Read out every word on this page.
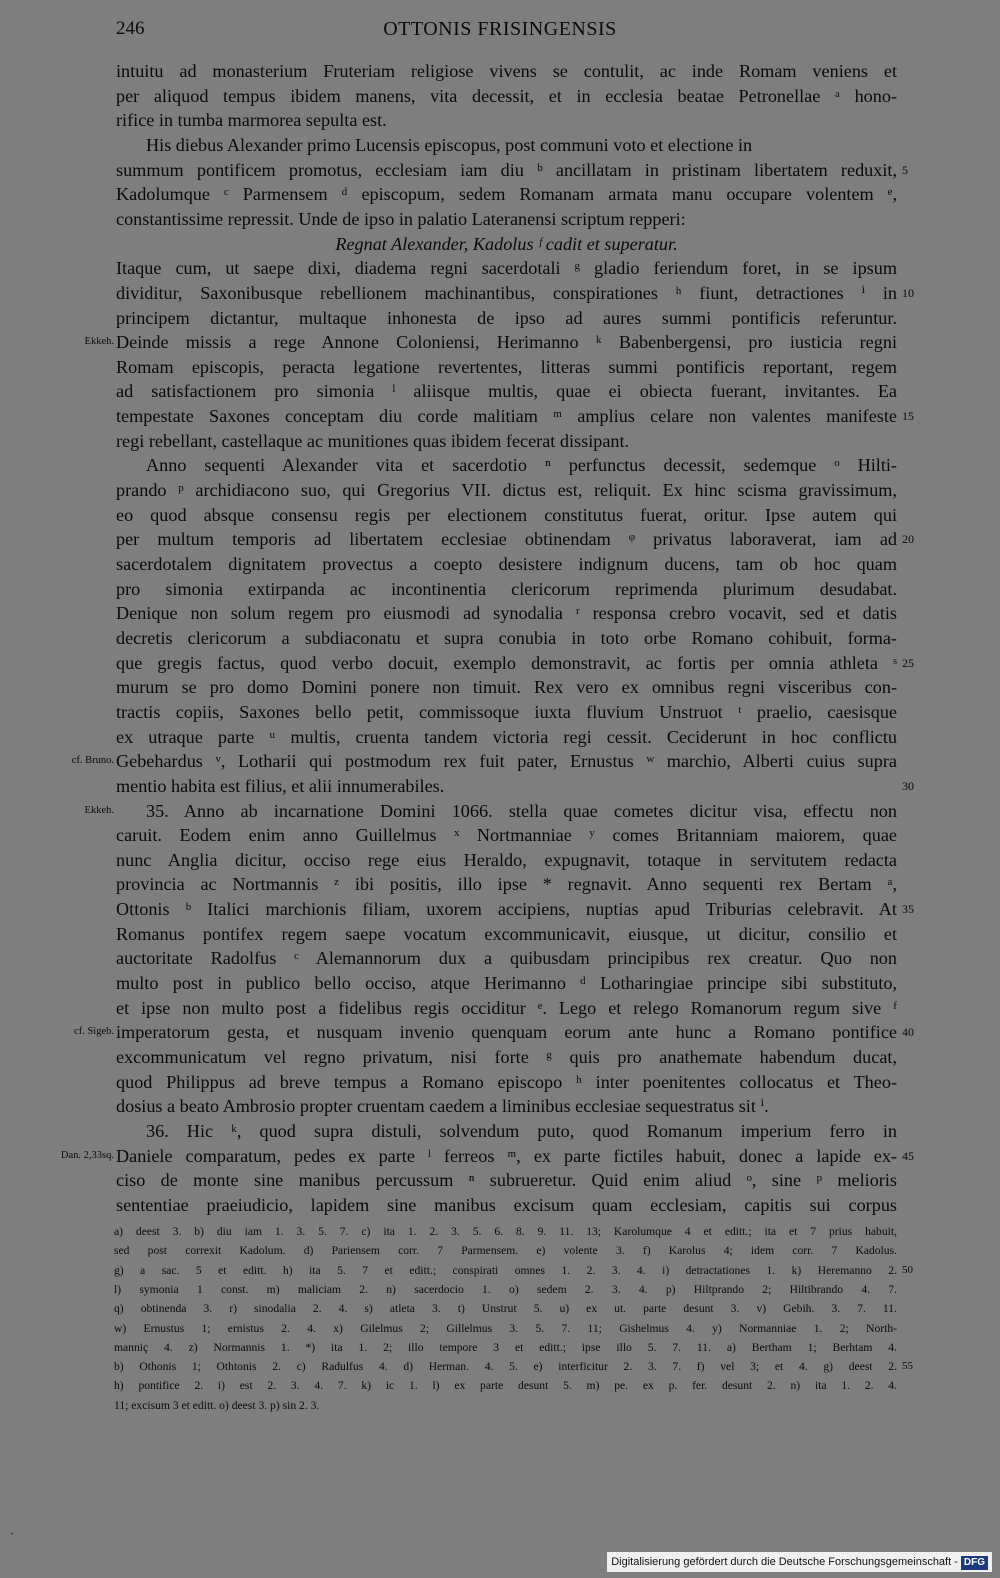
246	OTTONIS FRISINGENSIS
intuitu ad monasterium Fruteriam religiose vivens se contulit, ac inde Romam veniens et
per aliquod tempus ibidem manens, vita decessit, et in ecclesia beatae Petronellae ᵃ hono-
rifice in tumba marmorea sepulta est.
His diebus Alexander primo Lucensis episcopus, post communi voto et electione in
summum pontificem promotus, ecclesiam iam diu ᵇ ancillatam in pristinam libertatem reduxit, 5
Kadolumque ᶜ Parmensem ᵈ episcopum, sedem Romanam armata manu occupare volentem ᵉ,
constantissime repressit. Unde de ipso in palatio Lateranensi scriptum repperi:
Regnat Alexander, Kadolus ᶠ cadit et superatur.
Itaque cum, ut saepe dixi, diadema regni sacerdotali ᵍ gladio feriendum foret, in se ipsum
dividitur, Saxonibusque rebellionem machinantibus, conspirationes ʰ fiunt, detractiones ⁱ in 10
principem dictantur, multaque inhonesta de ipso ad aures summi pontificis referuntur.
Deinde missis a rege Annone Coloniensi, Herimanno ᵏ Babenbergensi, pro iusticia regni
Ekkeh.
Romam episcopis, peracta legatione revertentes, litteras summi pontificis reportant, regem
ad satisfactionem pro simonia ˡ aliisque multis, quae ei obiecta fuerant, invitantes. Ea
tempestate Saxones conceptam diu corde malitiam ᵐ amplius celare non valentes manifeste 15
regi rebellant, castellaque ac munitiones quas ibidem fecerat dissipant.
Anno sequenti Alexander vita et sacerdotio ⁿ perfunctus decessit, sedemque ᵒ Hilti-
prando ᵖ archidiacono suo, qui Gregorius VII. dictus est, reliquit. Ex hinc scisma gravissimum,
eo quod absque consensu regis per electionem constitutus fuerat, oritur. Ipse autem qui
per multum temporis ad libertatem ecclesiae obtinendam ᵠ privatus laboraverat, iam ad 20
sacerdotalem dignitatem provectus a coepto desistere indignum ducens, tam ob hoc quam
pro simonia extirpanda ac incontinentia clericorum reprimenda plurimum desudabat.
Denique non solum regem pro eiusmodi ad synodalia ʳ responsa crebro vocavit, sed et datis
decretis clericorum a subdiaconatu et supra conubia in toto orbe Romano cohibuit, forma-
que gregis factus, quod verbo docuit, exemplo demonstravit, ac fortis per omnia athleta ˢ 25
murum se pro domo Domini ponere non timuit. Rex vero ex omnibus regni visceribus con-
tractis copiis, Saxones bello petit, commissoque iuxta fluvium Unstruot ᵗ praelio, caesisque
ex utraque parte ᵘ multis, cruenta tandem victoria regi cessit. Ceciderunt in hoc conflictu
Gebehardus ᵛ, Lotharii qui postmodum rex fuit pater, Ernustus ʷ marchio, Alberti cuius supra
cf. Bruno.
mentio habita est filius, et alii innumerabiles.	30
35. Anno ab incarnatione Domini 1066. stella quae cometes dicitur visa, effectu non
Ekkeh.
caruit. Eodem enim anno Guillelmus ˣ Nortmanniae ʸ comes Britanniam maiorem, quae
nunc Anglia dicitur, occiso rege eius Heraldo, expugnavit, totaque in servitutem redacta
provincia ac Nortmannis ᶻ ibi positis, illo ipse * regnavit. Anno sequenti rex Bertam ᵃ,
Ottonis ᵇ Italici marchionis filiam, uxorem accipiens, nuptias apud Triburias celebravit. At 35
Romanus pontifex regem saepe vocatum excommunicavit, eiusque, ut dicitur, consilio et
auctoritate Radolfus ᶜ Alemannorum dux a quibusdam principibus rex creatur. Quo non
multo post in publico bello occiso, atque Herimanno ᵈ Lotharingiae principe sibi substituto,
et ipse non multo post a fidelibus regis occiditur ᵉ. Lego et relego Romanorum regum sive ᶠ
imperatorum gesta, et nusquam invenio quenquam eorum ante hunc a Romano pontifice
cf. Sigeb.	40
excommunicatum vel regno privatum, nisi forte ᵍ quis pro anathemate habendum ducat,
quod Philippus ad breve tempus a Romano episcopo ʰ inter poenitentes collocatus et Theo-
dosius a beato Ambrosio propter cruentam caedem a liminibus ecclesiae sequestratus sit ⁱ.
36. Hic ᵏ, quod supra distuli, solvendum puto, quod Romanum imperium ferro in
Daniele comparatum, pedes ex parte ˡ ferreos ᵐ, ex parte fictiles habuit, donec a lapide ex-
Dan. 2,33sq.	45
ciso de monte sine manibus percussum ⁿ subrueretur. Quid enim aliud ᵒ, sine ᵖ melioris
sententiae praeiudicio, lapidem sine manibus excisum quam ecclesiam, capitis sui corpus
a) deest 3. b) diu iam 1. 3. 5. 7. c) ita 1. 2. 3. 5. 6. 8. 9. 11. 13; Karolumque 4 et editt.; ita et 7 prius habuit,
sed post correxit Kadolum. d) Pariensem corr. 7 Parmensem. e) volente 3. f) Karolus 4; idem corr. 7 Kadolus.
g) a sac. 5 et editt. h) ita 5. 7 et editt.; conspirati omnes 1. 2. 3. 4. i) detractationes 1. k) Heremanno 2. 50
l) symonia 1 const. m) maliciam 2. n) sacerdocio 1. o) sedem 2. 3. 4. p) Hiltprando 2; Hiltibrando 4. 7.
q) obtinenda 3. r) sinodalia 2. 4. s) atleta 3. t) Unstrut 5. u) ex ut. parte desunt 3. v) Gebih. 3. 7. 11.
w) Ernustus 1; ernistus 2. 4. x) Gilelmus 2; Gillelmus 3. 5. 7. 11; Gishelmus 4. y) Normanniae 1. 2; North-
manniç 4. z) Normannis 1. *) ita 1. 2; illo tempore 3 et editt.; ipse illo 5. 7. 11. a) Bertham 1; Berhtam 4.
b) Othonis 1; Othtonis 2. c) Radulfus 4. d) Herman. 4. 5. e) interficitur 2. 3. 7. f) vel 3; et 4. g) deest 2. 55
h) pontifice 2. i) est 2. 3. 4. 7. k) ic 1. l) ex parte desunt 5. m) pe. ex p. fer. desunt 2. n) ita 1. 2. 4.
11; excisum 3 et editt. o) deest 3. p) sin 2. 3.
`
Digitalisierung gefördert durch die Deutsche Forschungsgemeinschaft - DFG
